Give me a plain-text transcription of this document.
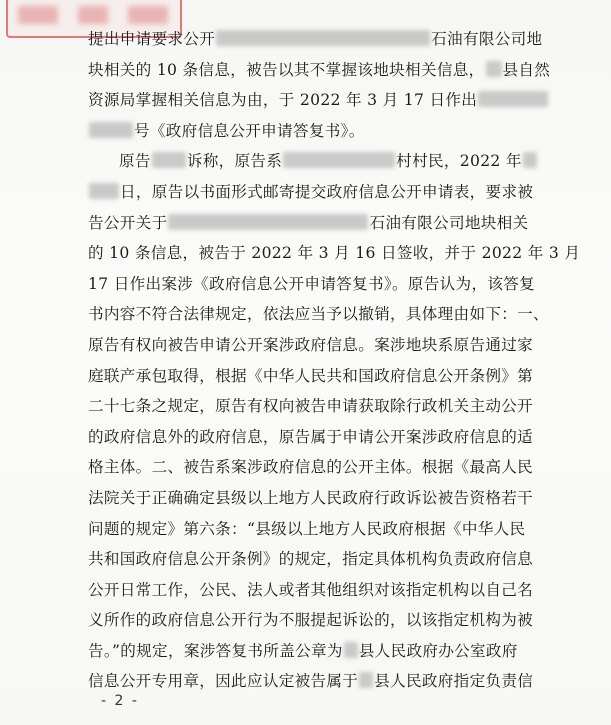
提出申请要求公开	石油有限公司地
块相关的 10 条信息，被告以其不掌握该地块相关信息， 县自然
资源局掌握相关信息为由，于 2022 年 3 月 17 日作出
号《政府信息公开申请答复书》。
原告 诉称，原告系	村村民，2022 年
日，原告以书面形式邮寄提交政府信息公开申请表，要求被
告公开关于	石油有限公司地块相关
的 10 条信息，被告于 2022 年 3 月 16 日签收，并于 2022 年 3 月
17 日作出案涉《政府信息公开申请答复书》。原告认为，该答复
书内容不符合法律规定，依法应当予以撤销，具体理由如下：一、
原告有权向被告申请公开案涉政府信息。案涉地块系原告通过家
庭联产承包取得，根据《中华人民共和国政府信息公开条例》第
二十七条之规定，原告有权向被告申请获取除行政机关主动公开
的政府信息外的政府信息，原告属于申请公开案涉政府信息的适
格主体。二、被告系案涉政府信息的公开主体。根据《最高人民
法院关于正确确定县级以上地方人民政府行政诉讼被告资格若干
问题的规定》第六条：“县级以上地方人民政府根据《中华人民
共和国政府信息公开条例》的规定，指定具体机构负责政府信息
公开日常工作，公民、法人或者其他组织对该指定机构以自己名
义所作的政府信息公开行为不服提起诉讼的，以该指定机构为被
告。”的规定，案涉答复书所盖公章为 县人民政府办公室政府
信息公开专用章，因此应认定被告属于 县人民政府指定负责信
- 2 -
